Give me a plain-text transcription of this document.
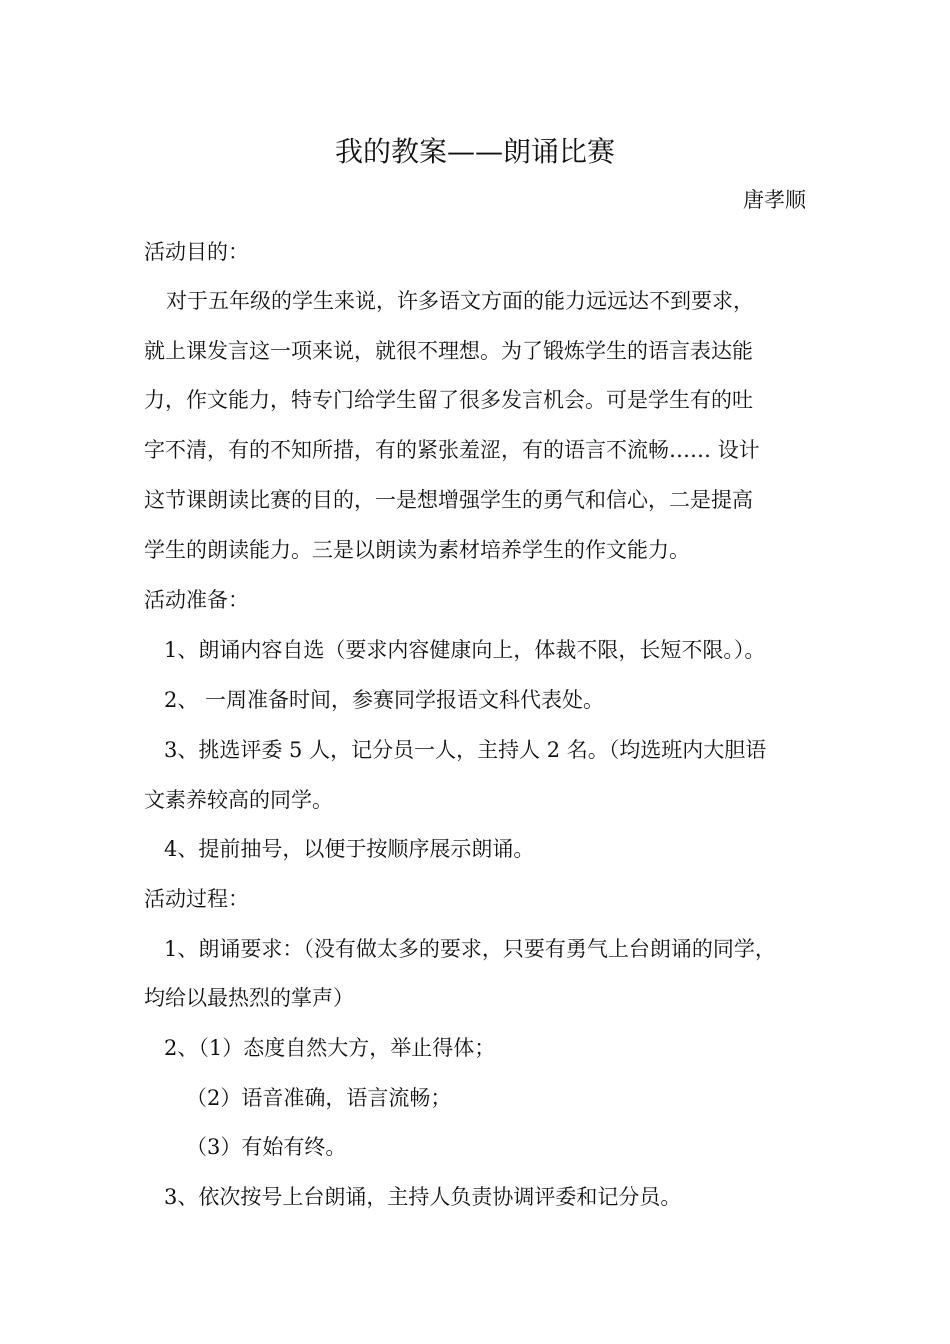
我的教案——朗诵比赛
唐孝顺
活动目的：
对于五年级的学生来说，许多语文方面的能力远远达不到要求，
就上课发言这一项来说，就很不理想。为了锻炼学生的语言表达能
力，作文能力，特专门给学生留了很多发言机会。可是学生有的吐
字不清，有的不知所措，有的紧张羞涩，有的语言不流畅…… 设计
这节课朗读比赛的目的，一是想增强学生的勇气和信心，二是提高
学生的朗读能力。三是以朗读为素材培养学生的作文能力。
活动准备：
1、朗诵内容自选（要求内容健康向上，体裁不限，长短不限。）。
2、 一周准备时间，参赛同学报语文科代表处。
3、挑选评委 5 人，记分员一人，主持人 2 名。（均选班内大胆语
文素养较高的同学。
4、提前抽号，以便于按顺序展示朗诵。
活动过程：
1、朗诵要求：（没有做太多的要求，只要有勇气上台朗诵的同学，
均给以最热烈的掌声）
2、（1）态度自然大方，举止得体；
（2）语音准确，语言流畅；
（3）有始有终。
3、依次按号上台朗诵，主持人负责协调评委和记分员。
